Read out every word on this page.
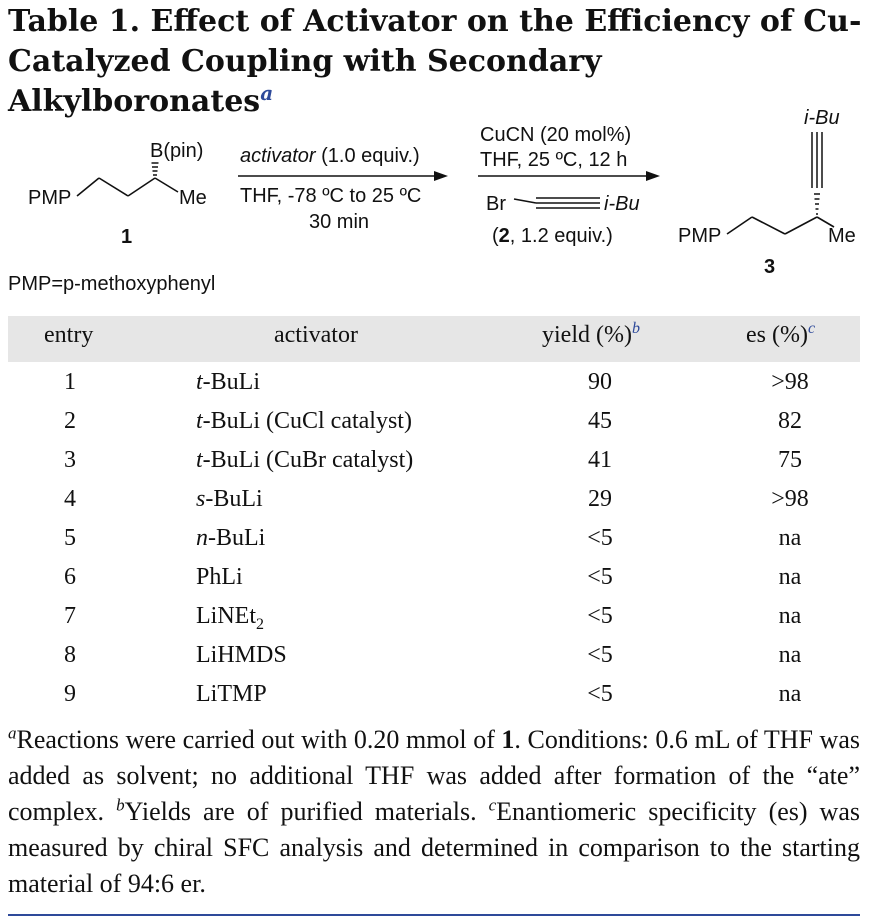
Table 1. Effect of Activator on the Efficiency of Cu-
Catalyzed Coupling with Secondary Alkylboronates$^a$
PMP
B(pin)
Me
1
activator (1.0 equiv.)
THF, -78 ºC to 25 ºC
30 min
CuCN (20 mol%)
THF, 25 ºC, 12 h
Br	i-Bu
(2, 1.2 equiv.)
i-Bu
PMP	Me
3
PMP=p-methoxyphenyl
entry	activator	yield (%)$^b$	es (%)$^c$
1	t-BuLi	90	>98
2	t-BuLi (CuCl catalyst)	45	82
3	t-BuLi (CuBr catalyst)	41	75
4	s-BuLi	29	>98
5	n-BuLi	<5	na
6	PhLi	<5	na
7	LiNEt$_2$	<5	na
8	LiHMDS	<5	na
9	LiTMP	<5	na
$^a$Reactions were carried out with 0.20 mmol of 1. Conditions: 0.6 mL of THF was added as solvent; no additional THF was added after formation of the “ate” complex. $^b$Yields are of purified materials. $^c$Enantiomeric specificity (es) was measured by chiral SFC analysis and determined in comparison to the starting material of 94:6 er.
